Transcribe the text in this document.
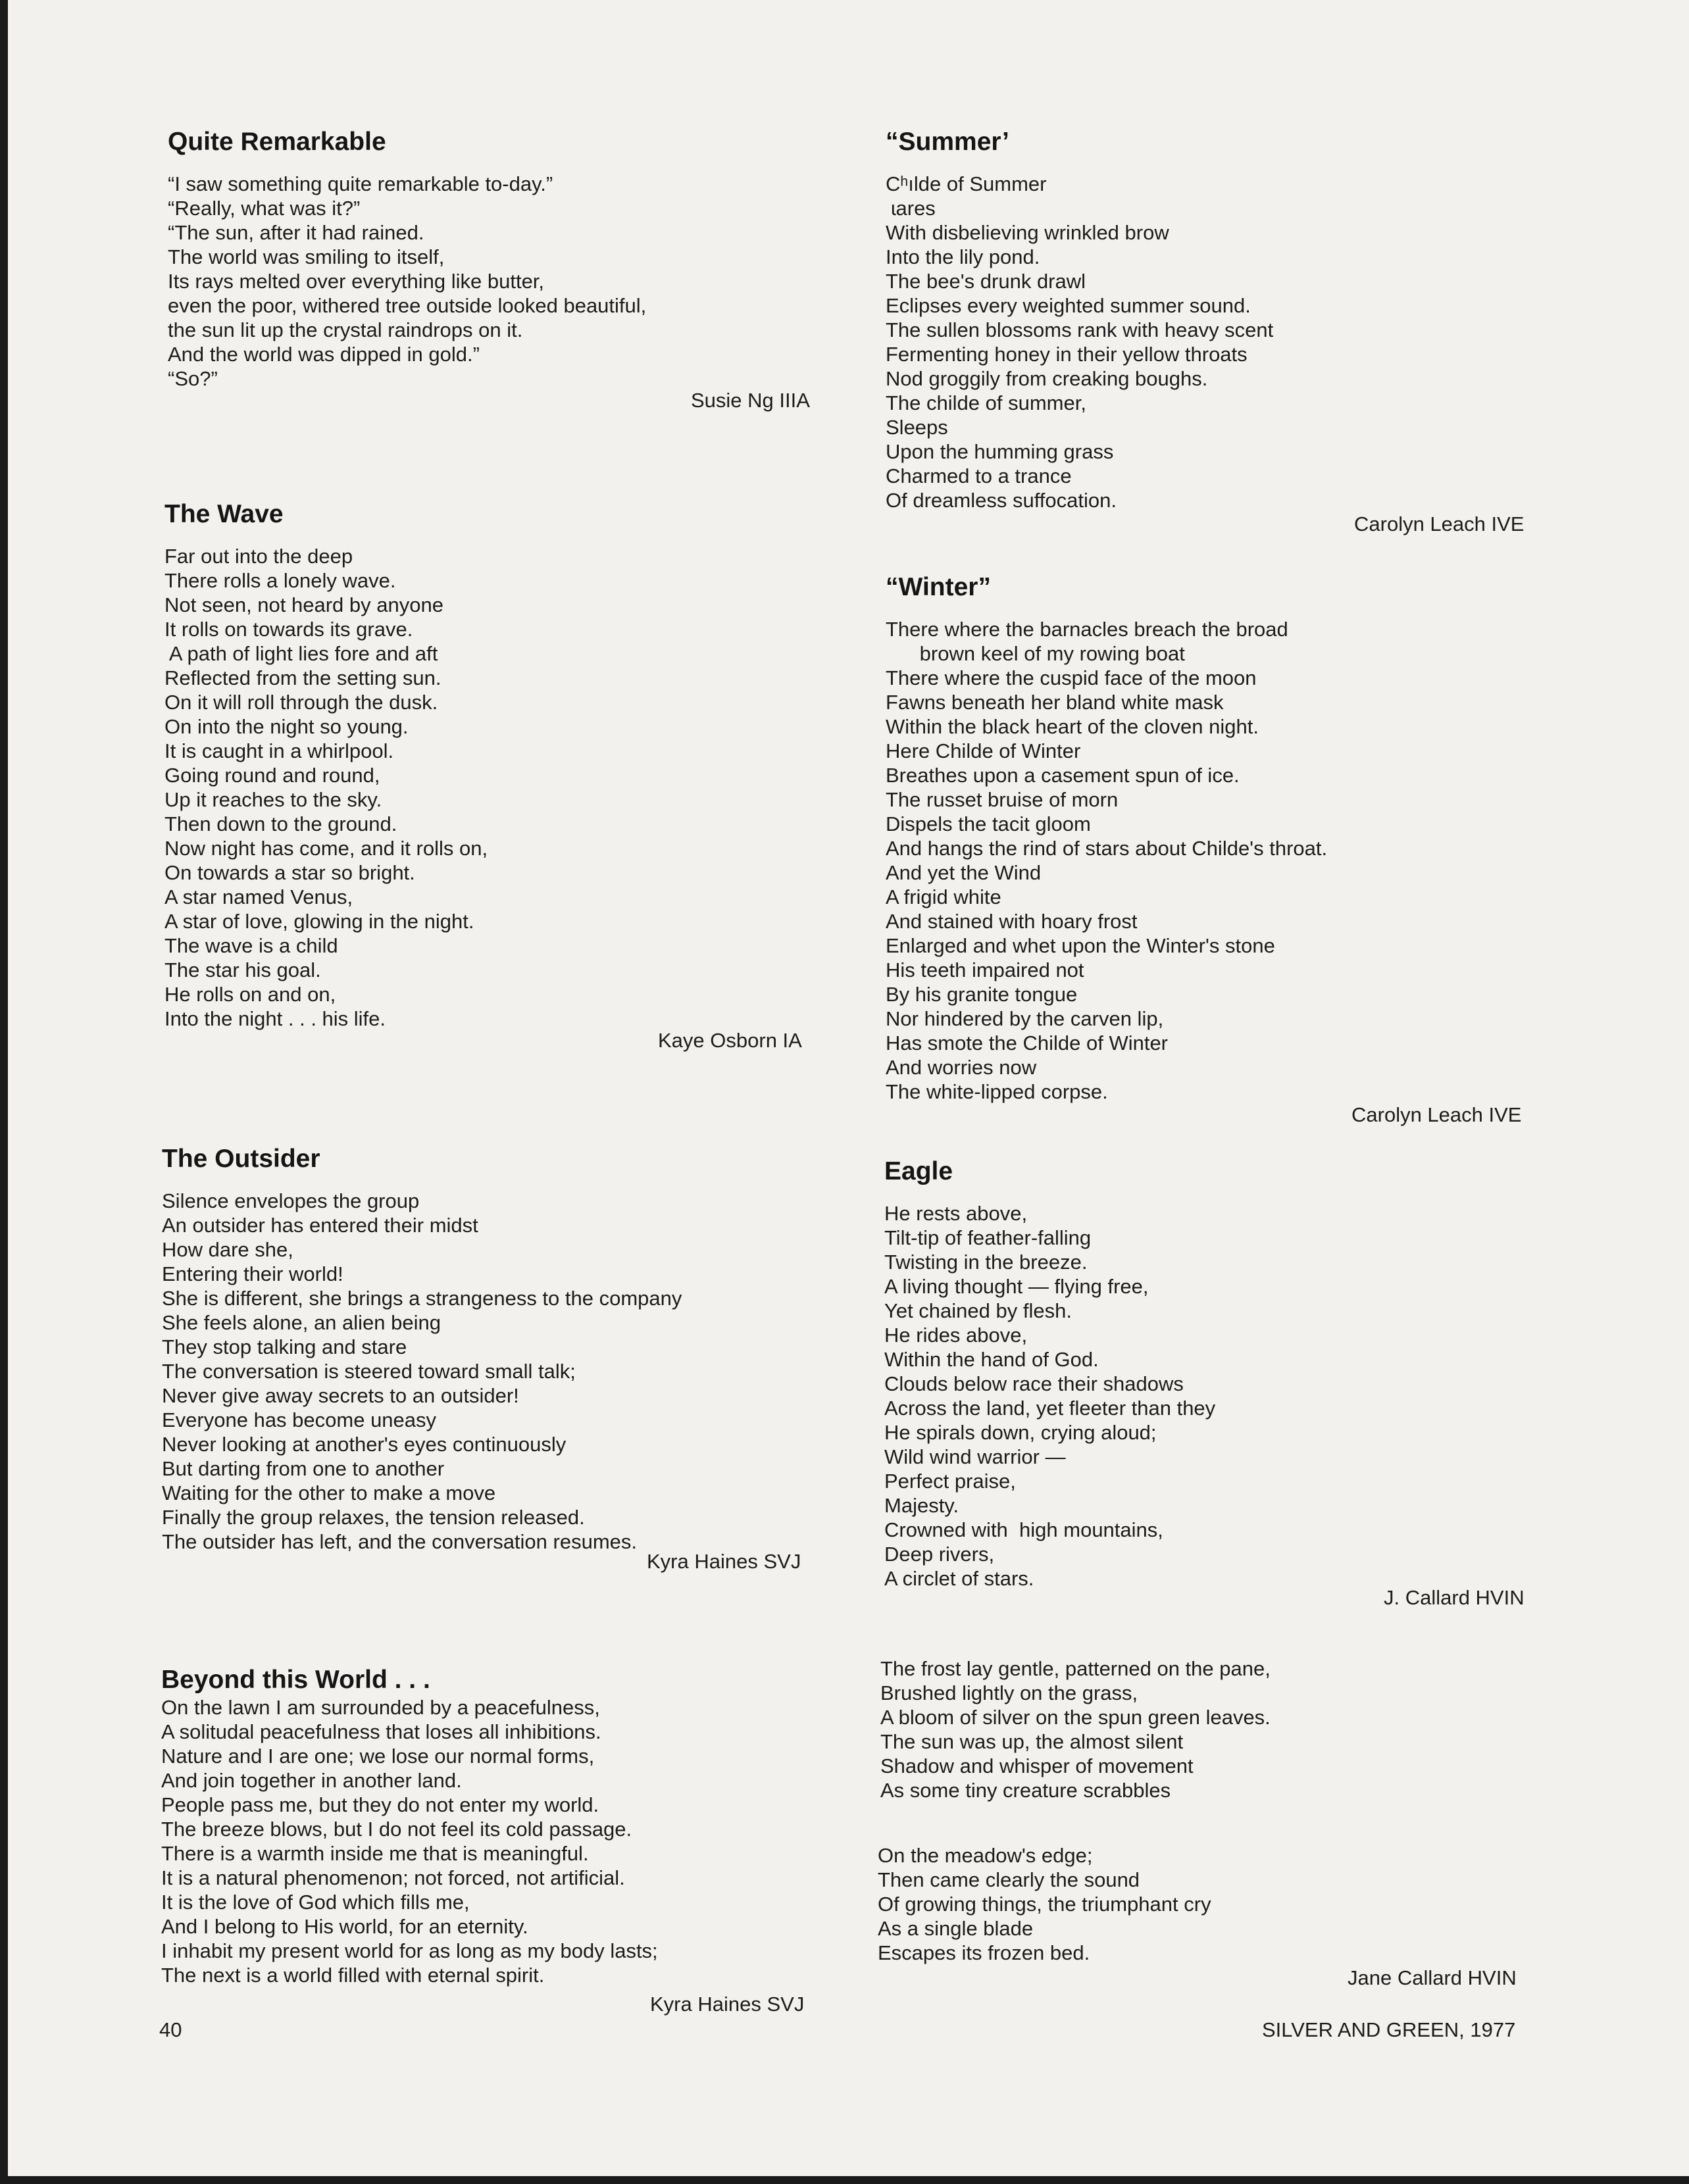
Quite Remarkable
“I saw something quite remarkable to-day.”
“Really, what was it?”
“The sun, after it had rained.
The world was smiling to itself,
Its rays melted over everything like butter,
even the poor, withered tree outside looked beautiful,
the sun lit up the crystal raindrops on it.
And the world was dipped in gold.”
“So?”
Susie Ng IIIA
The Wave
Far out into the deep
There rolls a lonely wave.
Not seen, not heard by anyone
It rolls on towards its grave.
A path of light lies fore and aft
Reflected from the setting sun.
On it will roll through the dusk.
On into the night so young.
It is caught in a whirlpool.
Going round and round,
Up it reaches to the sky.
Then down to the ground.
Now night has come, and it rolls on,
On towards a star so bright.
A star named Venus,
A star of love, glowing in the night.
The wave is a child
The star his goal.
He rolls on and on,
Into the night . . . his life.
Kaye Osborn IA
The Outsider
Silence envelopes the group
An outsider has entered their midst
How dare she,
Entering their world!
She is different, she brings a strangeness to the company
She feels alone, an alien being
They stop talking and stare
The conversation is steered toward small talk;
Never give away secrets to an outsider!
Everyone has become uneasy
Never looking at another's eyes continuously
But darting from one to another
Waiting for the other to make a move
Finally the group relaxes, the tension released.
The outsider has left, and the conversation resumes.
Kyra Haines SVJ
Beyond this World . . .
On the lawn I am surrounded by a peacefulness,
A solitudal peacefulness that loses all inhibitions.
Nature and I are one; we lose our normal forms,
And join together in another land.
People pass me, but they do not enter my world.
The breeze blows, but I do not feel its cold passage.
There is a warmth inside me that is meaningful.
It is a natural phenomenon; not forced, not artificial.
It is the love of God which fills me,
And I belong to His world, for an eternity.
I inhabit my present world for as long as my body lasts;
The next is a world filled with eternal spirit.
Kyra Haines SVJ
“Summer’
Cʰılde of Summer
ɩares
With disbelieving wrinkled brow
Into the lily pond.
The bee's drunk drawl
Eclipses every weighted summer sound.
The sullen blossoms rank with heavy scent
Fermenting honey in their yellow throats
Nod groggily from creaking boughs.
The childe of summer,
Sleeps
Upon the humming grass
Charmed to a trance
Of dreamless suffocation.
Carolyn Leach IVE
“Winter”
There where the barnacles breach the broad
brown keel of my rowing boat
There where the cuspid face of the moon
Fawns beneath her bland white mask
Within the black heart of the cloven night.
Here Childe of Winter
Breathes upon a casement spun of ice.
The russet bruise of morn
Dispels the tacit gloom
And hangs the rind of stars about Childe's throat.
And yet the Wind
A frigid white
And stained with hoary frost
Enlarged and whet upon the Winter's stone
His teeth impaired not
By his granite tongue
Nor hindered by the carven lip,
Has smote the Childe of Winter
And worries now
The white-lipped corpse.
Carolyn Leach IVE
Eagle
He rests above,
Tilt-tip of feather-falling
Twisting in the breeze.
A living thought — flying free,
Yet chained by flesh.
He rides above,
Within the hand of God.
Clouds below race their shadows
Across the land, yet fleeter than they
He spirals down, crying aloud;
Wild wind warrior —
Perfect praise,
Majesty.
Crowned with  high mountains,
Deep rivers,
A circlet of stars.
J. Callard HVIN
The frost lay gentle, patterned on the pane,
Brushed lightly on the grass,
A bloom of silver on the spun green leaves.
The sun was up, the almost silent
Shadow and whisper of movement
As some tiny creature scrabbles
On the meadow's edge;
Then came clearly the sound
Of growing things, the triumphant cry
As a single blade
Escapes its frozen bed.
Jane Callard HVIN
40	SILVER AND GREEN, 1977
